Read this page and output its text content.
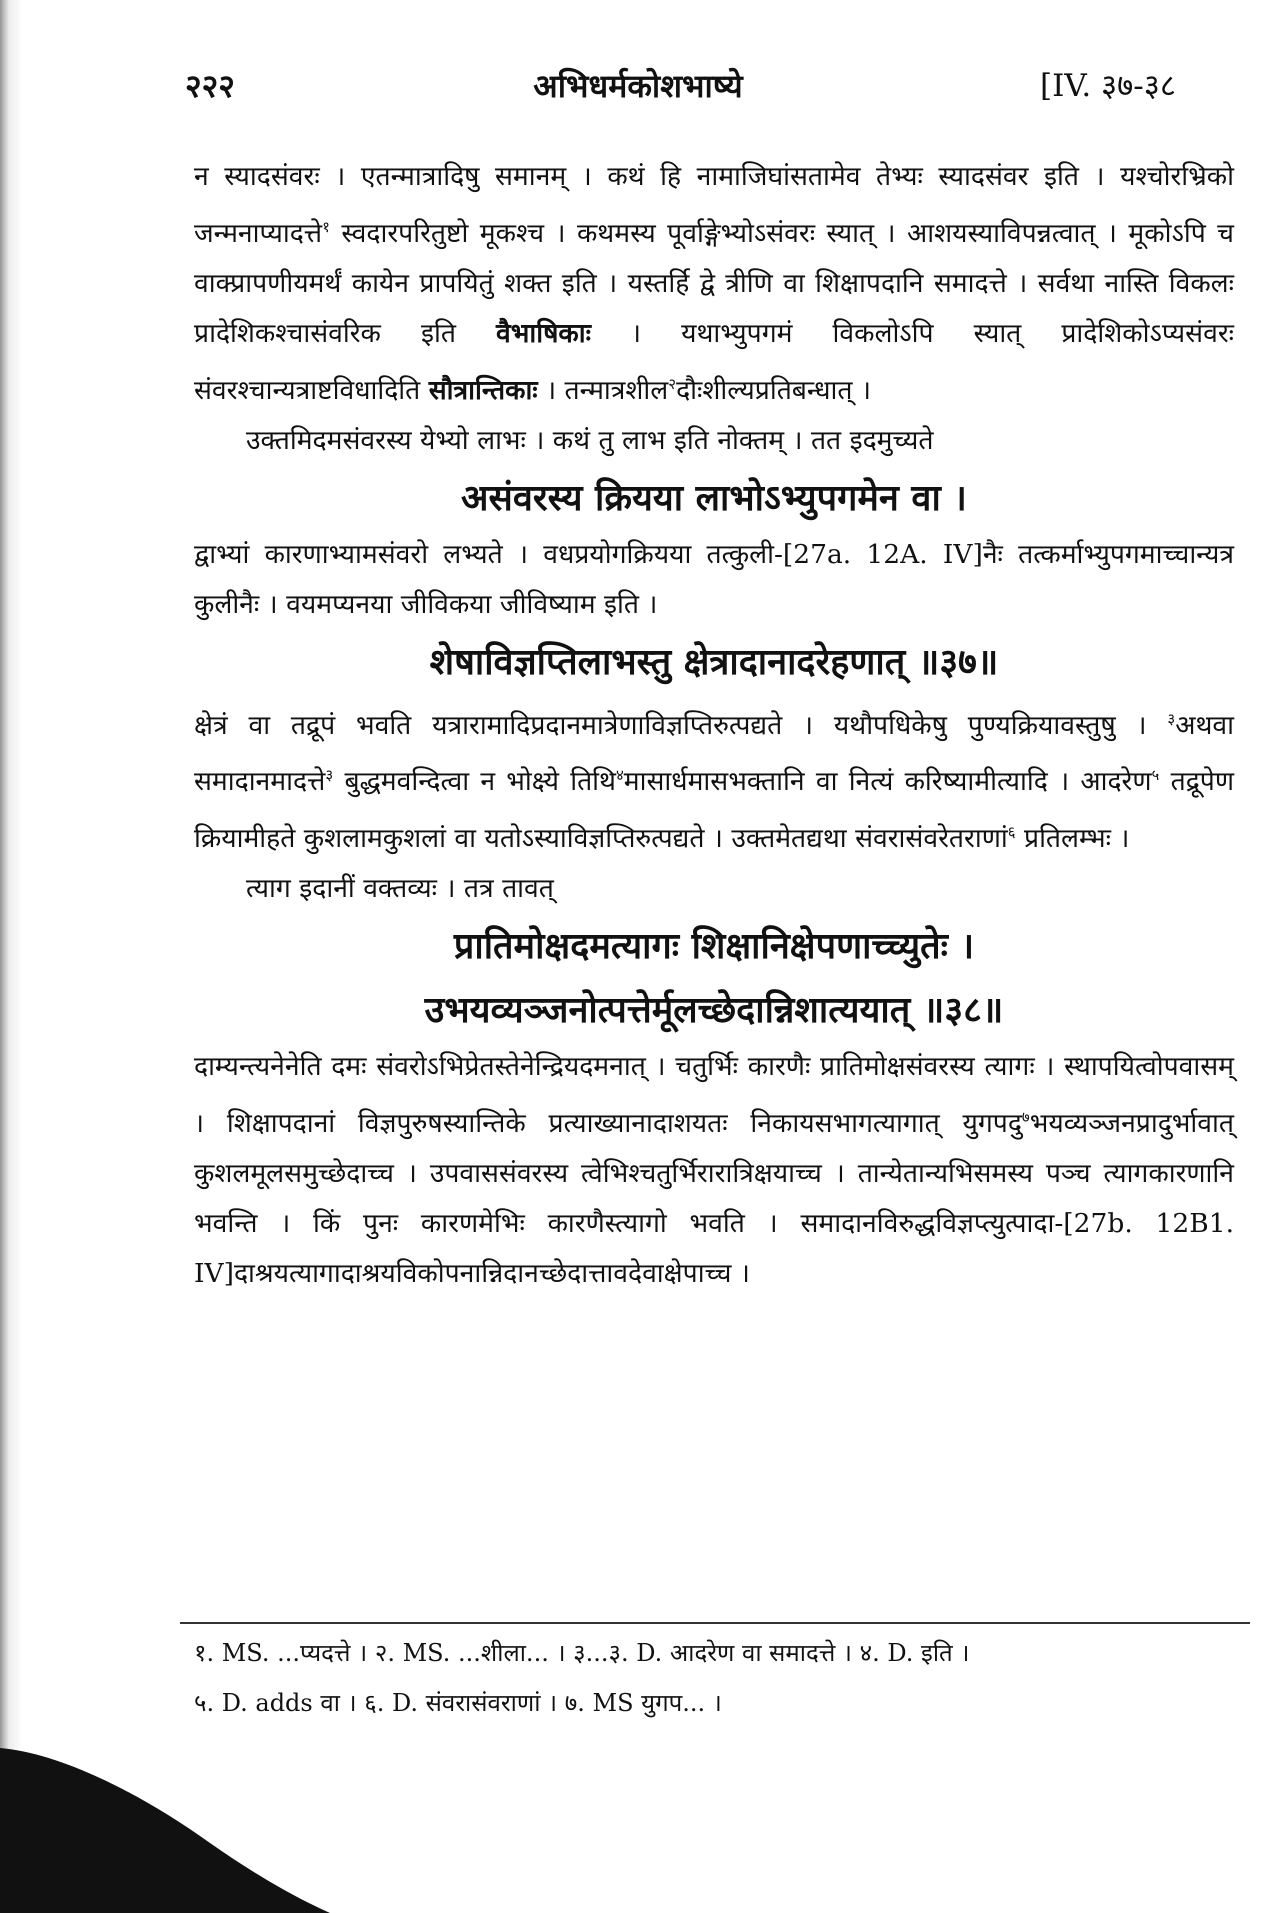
२२२	अभिधर्मकोशभाष्ये	[IV. ३७-३८

न स्यादसंवरः । एतन्मात्रादिषु समानम् । कथं हि नामाजिघांसतामेव तेभ्यः स्यादसंवर इति । यश्चोरभ्रिको जन्मनाप्यादत्ते$^१$ स्वदारपरितुष्टो मूकश्च । कथमस्य पूर्वाङ्गेभ्योऽसंवरः स्यात् । आशयस्याविपन्नत्वात् । मूकोऽपि च वाक्प्रापणीयमर्थं कायेन प्रापयितुं शक्त इति । यस्तर्हि द्वे त्रीणि वा शिक्षापदानि समादत्ते । सर्वथा नास्ति विकलः प्रादेशिकश्चासंवरिक इति वैभाषिकाः । यथाभ्युपगमं विकलोऽपि स्यात् प्रादेशिकोऽप्यसंवरः संवरश्चान्यत्राष्टविधादिति सौत्रान्तिकाः । तन्मात्रशील$^२$दौःशील्यप्रतिबन्धात् ।

उक्तमिदमसंवरस्य येभ्यो लाभः । कथं तु लाभ इति नोक्तम् । तत इदमुच्यते

असंवरस्य क्रियया लाभोऽभ्युपगमेन वा ।

द्वाभ्यां कारणाभ्यामसंवरो लभ्यते । वधप्रयोगक्रियया तत्कुली-[27a. 12A. IV]नैः तत्कर्माभ्युपगमाच्चान्यत्र कुलीनैः । वयमप्यनया जीविकया जीविष्याम इति ।

शेषाविज्ञप्तिलाभस्तु क्षेत्रादानादरेहणात् ॥३७॥

क्षेत्रं वा तद्रूपं भवति यत्रारामादिप्रदानमात्रेणाविज्ञप्तिरुत्पद्यते । यथौपधिकेषु पुण्यक्रियावस्तुषु । $^३$अथवा समादानमादत्ते$^३$ बुद्धमवन्दित्वा न भोक्ष्ये तिथि$^४$मासार्धमासभक्तानि वा नित्यं करिष्यामीत्यादि । आदरेण$^५$ तद्रूपेण क्रियामीहते कुशलामकुशलां वा यतोऽस्याविज्ञप्तिरुत्पद्यते । उक्तमेतद्यथा संवरासंवरेतराणां$^६$ प्रतिलम्भः ।

त्याग इदानीं वक्तव्यः । तत्र तावत्

प्रातिमोक्षदमत्यागः शिक्षानिक्षेपणाच्च्युतेः ।

उभयव्यञ्जनोत्पत्तेर्मूलच्छेदान्निशात्ययात् ॥३८॥

दाम्यन्त्यनेनेति दमः संवरोऽभिप्रेतस्तेनेन्द्रियदमनात् । चतुर्भिः कारणैः प्रातिमोक्षसंवरस्य त्यागः । स्थापयित्वोपवासम् । शिक्षापदानां विज्ञपुरुषस्यान्तिके प्रत्याख्यानादाशयतः निकायसभागत्यागात् युगपदु$^७$भयव्यञ्जनप्रादुर्भावात् कुशलमूलसमुच्छेदाच्च । उपवाससंवरस्य त्वेभिश्चतुर्भिरारात्रिक्षयाच्च । तान्येतान्यभिसमस्य पञ्च त्यागकारणानि भवन्ति । किं पुनः कारणमेभिः कारणैस्त्यागो भवति । समादानविरुद्धविज्ञप्त्युत्पादा-[27b. 12B1. IV]दाश्रयत्यागादाश्रयविकोपनान्निदानच्छेदात्तावदेवाक्षेपाच्च ।

१. MS. ...प्यदत्ते । २. MS. ...शीला... । ३...३. D. आदरेण वा समादत्ते । ४. D. इति ।
५. D. adds वा । ६. D. संवरासंवराणां । ७. MS युगप... ।
